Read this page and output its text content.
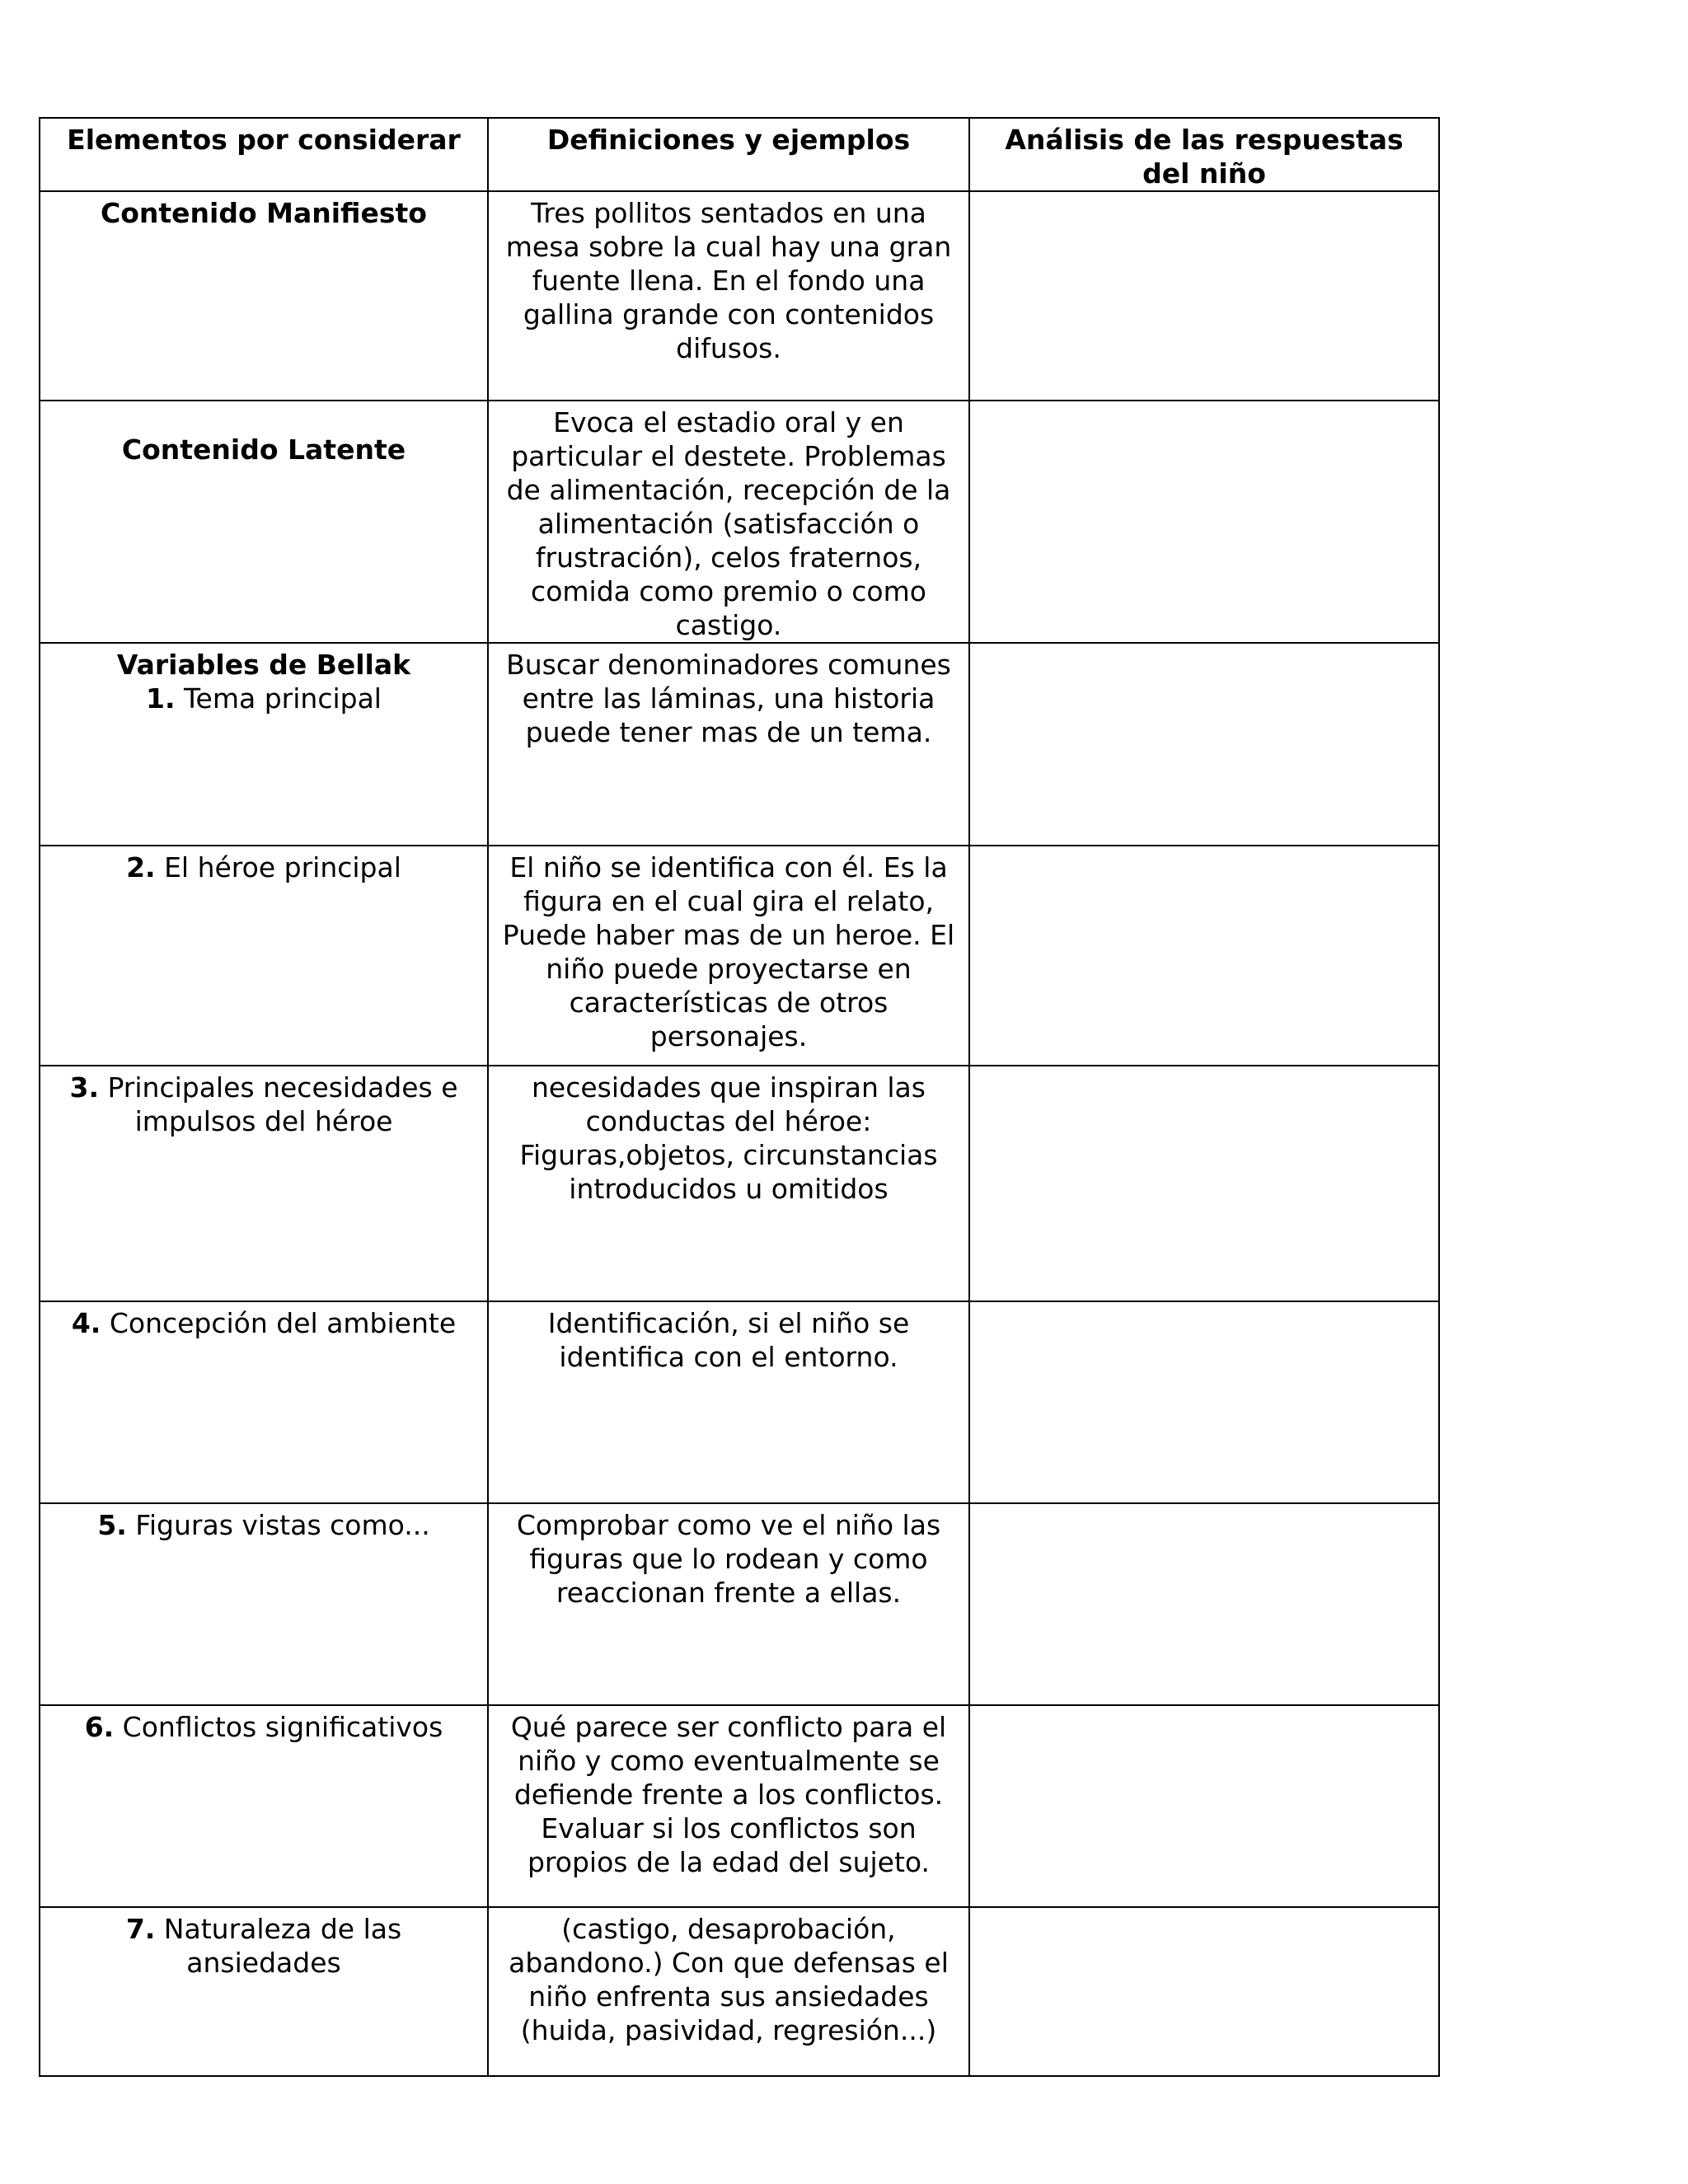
Elementos por considerar	Definiciones y ejemplos	Análisis de las respuestas del niño
Contenido Manifiesto	Tres pollitos sentados en una mesa sobre la cual hay una gran fuente llena. En el fondo una gallina grande con contenidos difusos.	
Contenido Latente	Evoca el estadio oral y en particular el destete. Problemas de alimentación, recepción de la alimentación (satisfacción o frustración), celos fraternos, comida como premio o como castigo.	

Variables de Bellak
1. Tema principal	Buscar denominadores comunes entre las láminas, una historia puede tener mas de un tema.	
2. El héroe principal	El niño se identifica con él. Es la figura en el cual gira el relato, Puede haber mas de un heroe. El niño puede proyectarse en características de otros personajes.	
3. Principales necesidades e impulsos del héroe	necesidades que inspiran las conductas del héroe: Figuras,objetos, circunstancias introducidos u omitidos	
4. Concepción del ambiente	Identificación, si el niño se identifica con el entorno.	
5. Figuras vistas como...	Comprobar como ve el niño las figuras que lo rodean y como reaccionan frente a ellas.	
6. Conflictos significativos	Qué parece ser conflicto para el niño y como eventualmente se defiende frente a los conflictos. Evaluar si los conflictos son propios de la edad del sujeto.	
7. Naturaleza de las ansiedades	(castigo, desaprobación, abandono.) Con que defensas el niño enfrenta sus ansiedades (huida, pasividad, regresión...)	
